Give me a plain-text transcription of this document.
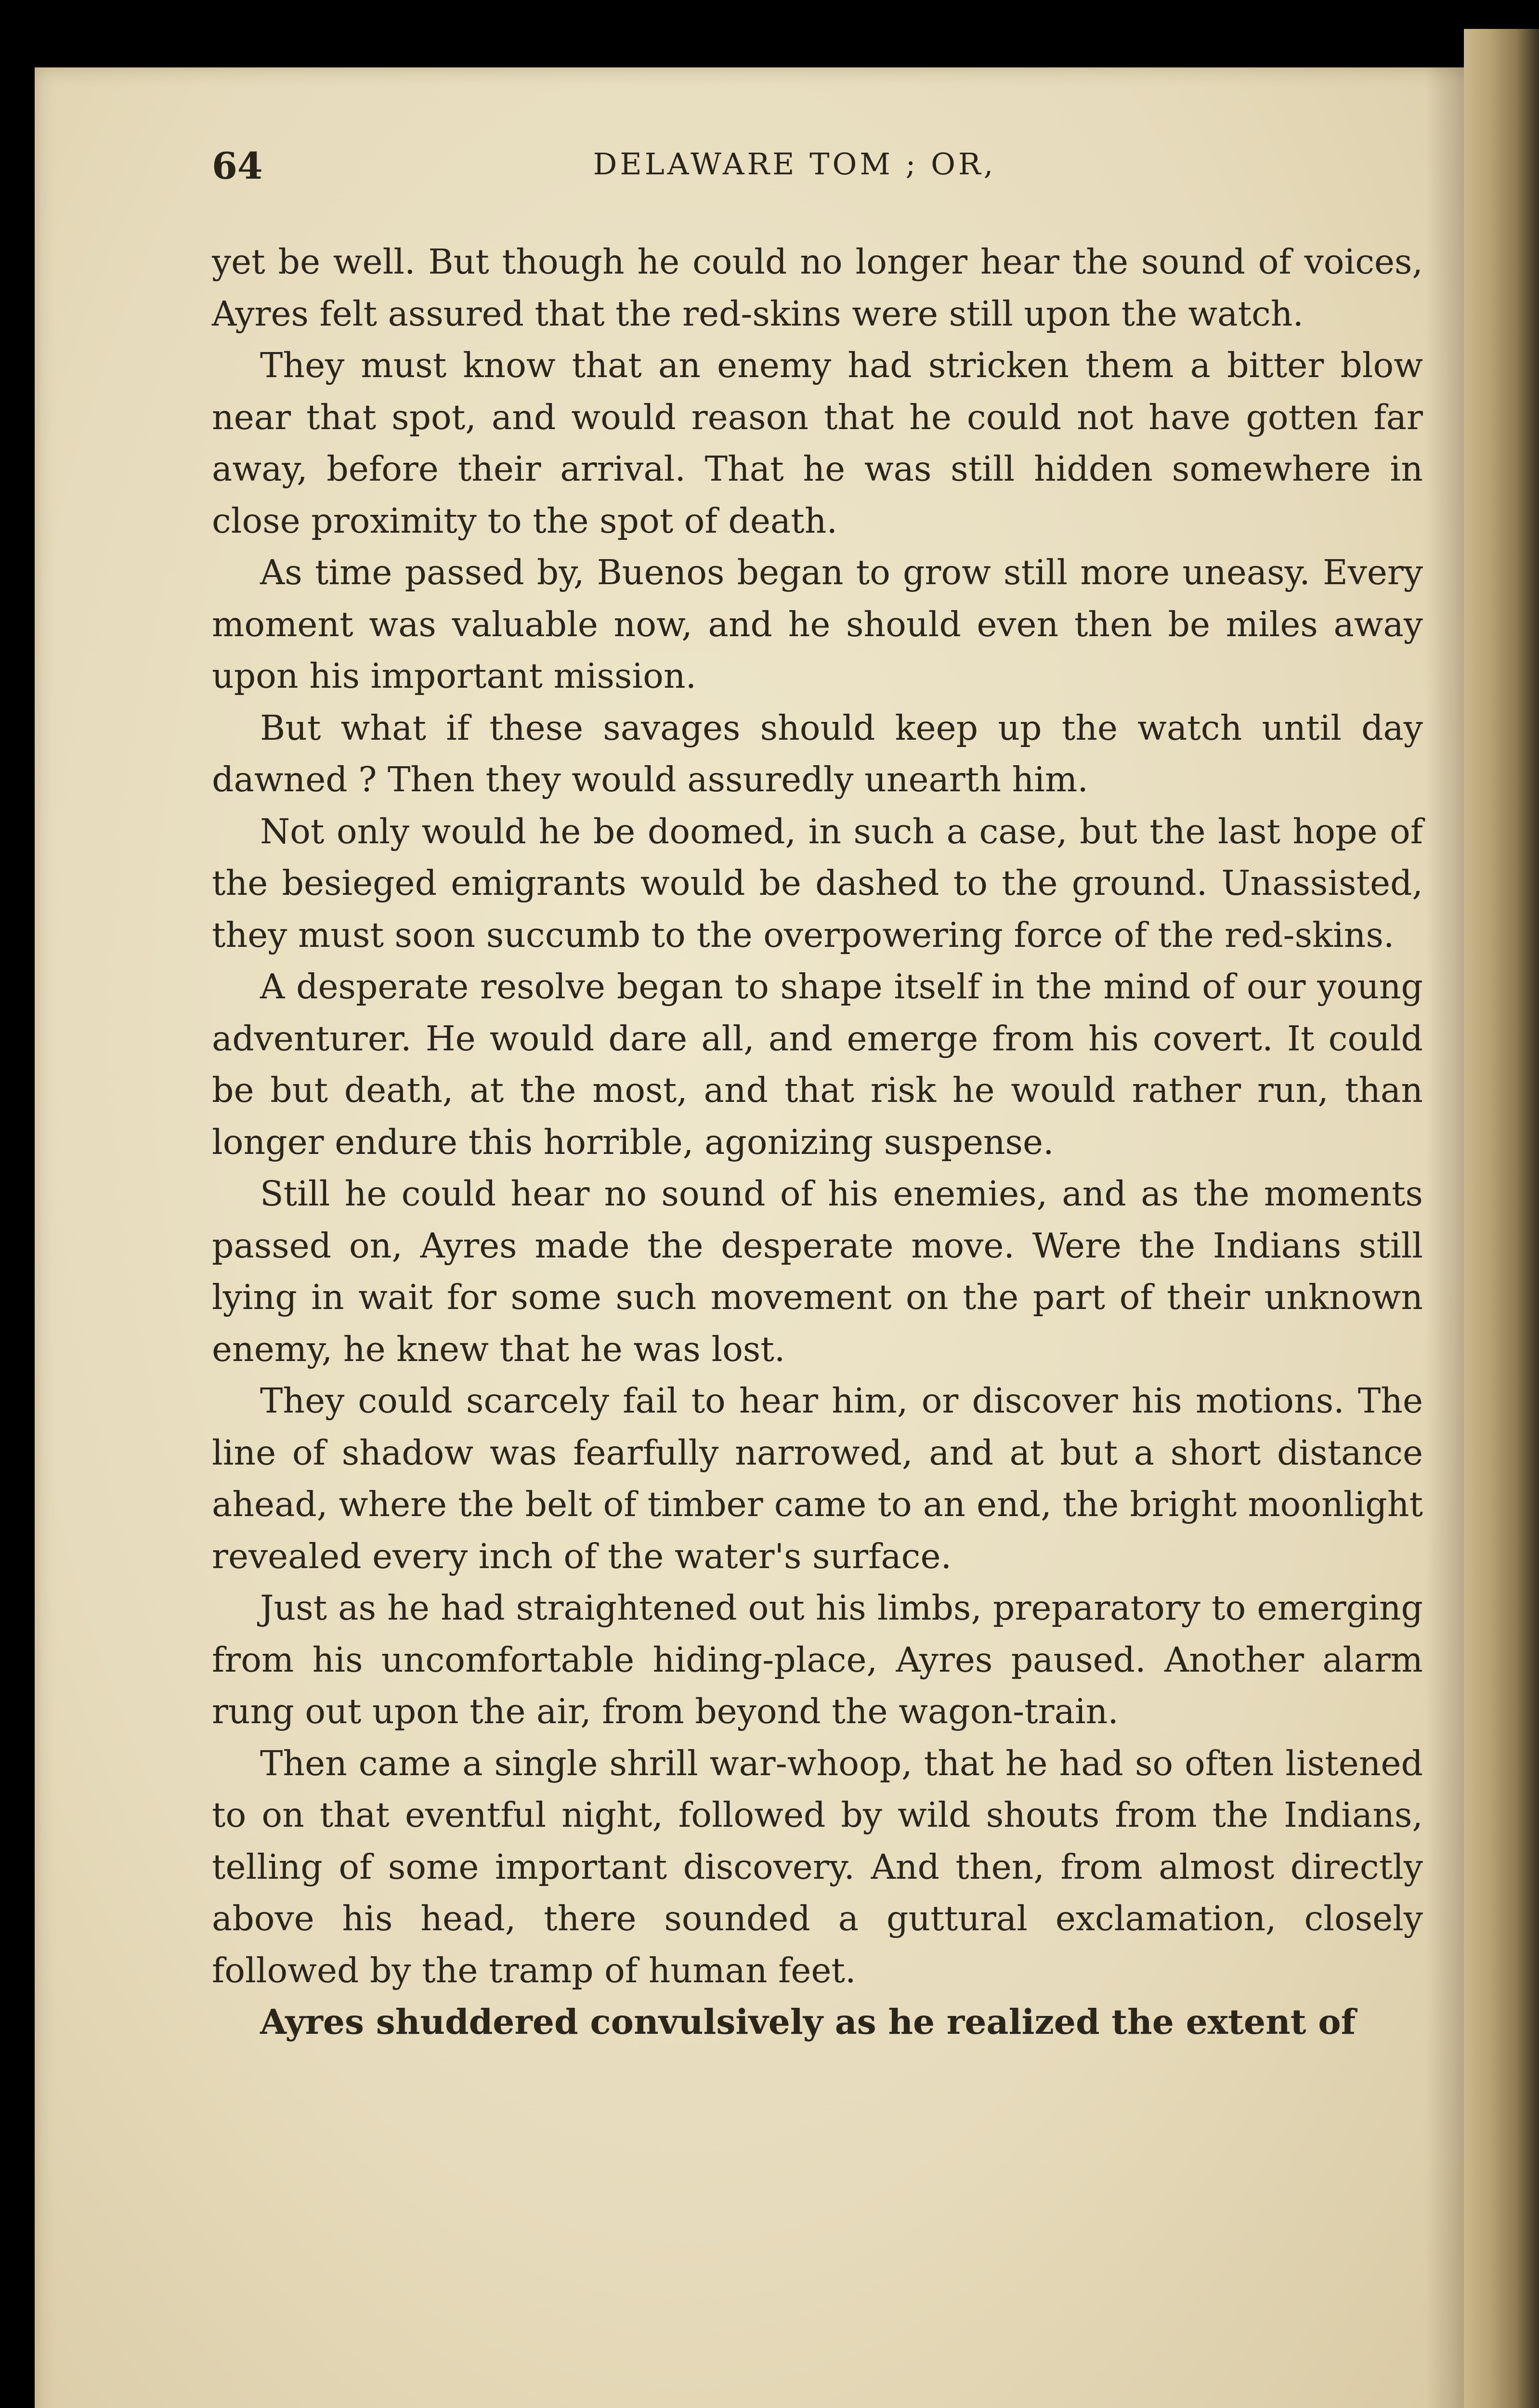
64	DELAWARE TOM ; OR,

yet be well. But though he could no longer hear the sound of voices, Ayres felt assured that the red-skins were still upon the watch.

They must know that an enemy had stricken them a bitter blow near that spot, and would reason that he could not have gotten far away, before their arrival. That he was still hidden somewhere in close proximity to the spot of death.

As time passed by, Buenos began to grow still more uneasy. Every moment was valuable now, and he should even then be miles away upon his important mission.

But what if these savages should keep up the watch until day dawned ? Then they would assuredly unearth him.

Not only would he be doomed, in such a case, but the last hope of the besieged emigrants would be dashed to the ground. Unassisted, they must soon succumb to the overpowering force of the red-skins.

A desperate resolve began to shape itself in the mind of our young adventurer. He would dare all, and emerge from his covert. It could be but death, at the most, and that risk he would rather run, than longer endure this horrible, agonizing suspense.

Still he could hear no sound of his enemies, and as the moments passed on, Ayres made the desperate move. Were the Indians still lying in wait for some such movement on the part of their unknown enemy, he knew that he was lost.

They could scarcely fail to hear him, or discover his motions. The line of shadow was fearfully narrowed, and at but a short distance ahead, where the belt of timber came to an end, the bright moonlight revealed every inch of the water's surface.

Just as he had straightened out his limbs, preparatory to emerging from his uncomfortable hiding-place, Ayres paused. Another alarm rung out upon the air, from beyond the wagon-train.

Then came a single shrill war-whoop, that he had so often listened to on that eventful night, followed by wild shouts from the Indians, telling of some important discovery. And then, from almost directly above his head, there sounded a guttural exclamation, closely followed by the tramp of human feet.

Ayres shuddered convulsively as he realized the extent of
